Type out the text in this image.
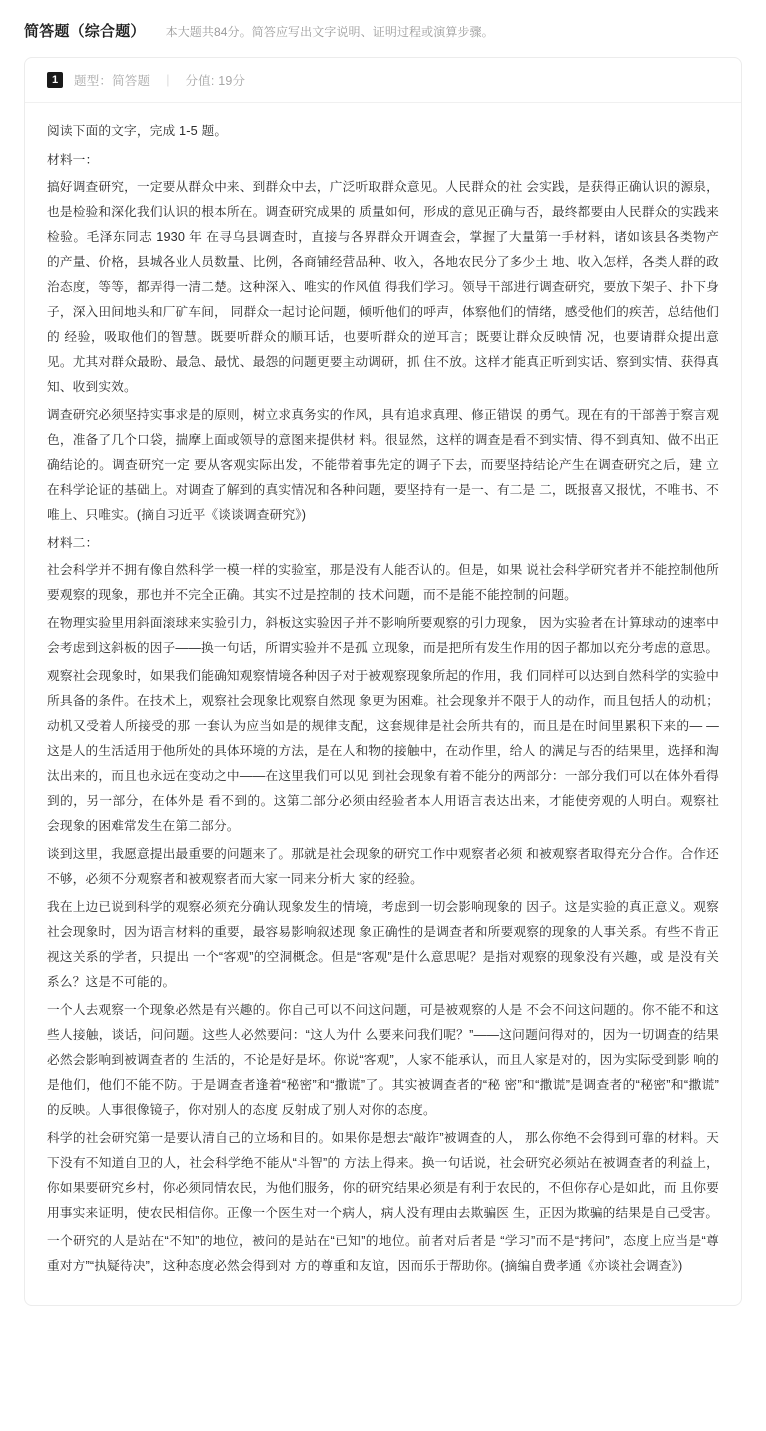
简答题（综合题） 本大题共84分。简答应写出文字说明、证明过程或演算步骤。
1	题型：简答题 | 分值: 19分

阅读下面的文字，完成 1-5 题。

材料一：

搞好调查研究，一定要从群众中来、到群众中去，广泛听取群众意见。人民群众的社 会实践，是获得正确认识的源泉，也是检验和深化我们认识的根本所在。调查研究成果的 质量如何，形成的意见正确与否，最终都要由人民群众的实践来检验。毛泽东同志 1930 年 在寻乌县调查时，直接与各界群众开调查会，掌握了大量第一手材料，诸如该县各类物产 的产量、价格，县城各业人员数量、比例，各商铺经营品种、收入，各地农民分了多少土 地、收入怎样，各类人群的政治态度，等等，都弄得一清二楚。这种深入、唯实的作风值 得我们学习。领导干部进行调查研究，要放下架子、扑下身子，深入田间地头和厂矿车间， 同群众一起讨论问题，倾听他们的呼声，体察他们的情绪，感受他们的疾苦，总结他们的 经验，吸取他们的智慧。既要听群众的顺耳话，也要听群众的逆耳言；既要让群众反映情 况，也要请群众提出意见。尤其对群众最盼、最急、最忧、最怨的问题更要主动调研，抓 住不放。这样才能真正听到实话、察到实情、获得真知、收到实效。

调查研究必须坚持实事求是的原则，树立求真务实的作风，具有追求真理、修正错误 的勇气。现在有的干部善于察言观色，准备了几个口袋，揣摩上面或领导的意图来提供材 料。很显然，这样的调查是看不到实情、得不到真知、做不出正确结论的。调查研究一定 要从客观实际出发，不能带着事先定的调子下去，而要坚持结论产生在调查研究之后，建 立在科学论证的基础上。对调查了解到的真实情况和各种问题，要坚持有一是一、有二是 二，既报喜又报忧，不唯书、不唯上、只唯实。(摘自习近平《谈谈调查研究》)

材料二：

社会科学并不拥有像自然科学一模一样的实验室，那是没有人能否认的。但是，如果 说社会科学研究者并不能控制他所要观察的现象，那也并不完全正确。其实不过是控制的 技术问题，而不是能不能控制的问题。

在物理实验里用斜面滚球来实验引力，斜板这实验因子并不影响所要观察的引力现象， 因为实验者在计算球动的速率中会考虑到这斜板的因子——换一句话，所谓实验并不是孤 立现象，而是把所有发生作用的因子都加以充分考虑的意思。

观察社会现象时，如果我们能确知观察情境各种因子对于被观察现象所起的作用，我 们同样可以达到自然科学的实验中所具备的条件。在技术上，观察社会现象比观察自然现 象更为困难。社会现象并不限于人的动作，而且包括人的动机；动机又受着人所接受的那 一套认为应当如是的规律支配，这套规律是社会所共有的，而且是在时间里累积下来的— —这是人的生活适用于他所处的具体环境的方法，是在人和物的接触中，在动作里，给人 的满足与否的结果里，选择和淘汰出来的，而且也永远在变动之中——在这里我们可以见 到社会现象有着不能分的两部分：一部分我们可以在体外看得到的，另一部分，在体外是 看不到的。这第二部分必须由经验者本人用语言表达出来，才能使旁观的人明白。观察社 会现象的困难常发生在第二部分。

谈到这里，我愿意提出最重要的问题来了。那就是社会现象的研究工作中观察者必须 和被观察者取得充分合作。合作还不够，必须不分观察者和被观察者而大家一同来分析大 家的经验。

我在上边已说到科学的观察必须充分确认现象发生的情境，考虑到一切会影响现象的 因子。这是实验的真正意义。观察社会现象时，因为语言材料的重要，最容易影响叙述现 象正确性的是调查者和所要观察的现象的人事关系。有些不肯正视这关系的学者，只提出 一个“客观”的空洞概念。但是“客观”是什么意思呢？是指对观察的现象没有兴趣，或 是没有关系么？这是不可能的。

一个人去观察一个现象必然是有兴趣的。你自己可以不问这问题，可是被观察的人是 不会不问这问题的。你不能不和这些人接触，谈话，问问题。这些人必然要问：“这人为什 么要来问我们呢？”——这问题问得对的，因为一切调查的结果必然会影响到被调查者的 生活的，不论是好是坏。你说“客观”，人家不能承认，而且人家是对的，因为实际受到影 响的是他们，他们不能不防。于是调查者逢着“秘密”和“撒谎”了。其实被调查者的“秘 密”和“撒谎”是调查者的“秘密”和“撒谎”的反映。人事很像镜子，你对别人的态度 反射成了别人对你的态度。

科学的社会研究第一是要认清自己的立场和目的。如果你是想去“敲诈”被调查的人， 那么你绝不会得到可靠的材料。天下没有不知道自卫的人，社会科学绝不能从“斗智”的 方法上得来。换一句话说，社会研究必须站在被调查者的利益上，你如果要研究乡村，你必须同情农民，为他们服务，你的研究结果必须是有利于农民的，不但你存心是如此，而 且你要用事实来证明，使农民相信你。正像一个医生对一个病人，病人没有理由去欺骗医 生，正因为欺骗的结果是自己受害。

一个研究的人是站在“不知”的地位，被问的是站在“已知”的地位。前者对后者是 “学习”而不是“拷问”，态度上应当是“尊重对方”“执疑待决”，这种态度必然会得到对 方的尊重和友谊，因而乐于帮助你。(摘编自费孝通《亦谈社会调查》)
